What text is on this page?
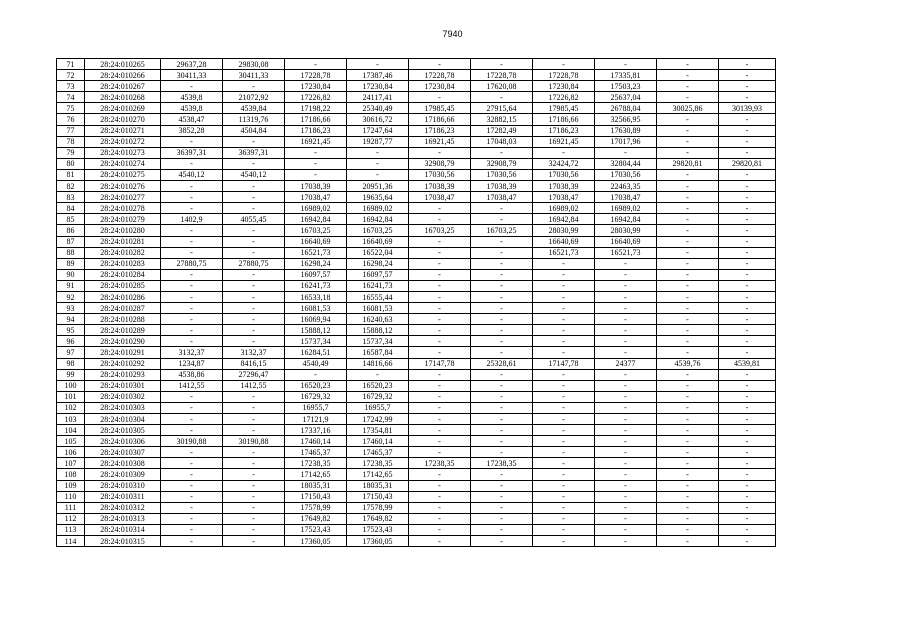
7940
71	28:24:010265	29637,28	29830,08	-	-	-	-	-	-	-	-
72	28:24:010266	30411,33	30411,33	17228,78	17387,46	17228,78	17228,78	17228,78	17335,81	-	-
73	28:24:010267	-	-	17230,84	17230,84	17230,84	17620,08	17230,84	17503,23	-	-
74	28:24:010268	4539,8	21072,92	17226,82	24117,41	-	-	17226,82	25637,04	-	-
75	28:24:010269	4539,8	4539,84	17198,22	25340,49	17985,45	27915,64	17985,45	26788,04	30025,86	30139,93
76	28:24:010270	4538,47	11319,76	17186,66	30616,72	17186,66	32882,15	17186,66	32566,95	-	-
77	28:24:010271	3852,28	4504,84	17186,23	17247,64	17186,23	17282,49	17186,23	17630,89	-	-
78	28:24:010272	-	-	16921,45	19287,77	16921,45	17048,03	16921,45	17017,96	-	-
79	28:24:010273	36397,31	36397,31	-	-	-	-	-	-	-	-
80	28:24:010274	-	-	-	-	32908,79	32908,79	32424,72	32804,44	29820,81	29820,81
81	28:24:010275	4540,12	4540,12	-	-	17030,56	17030,56	17030,56	17030,56	-	-
82	28:24:010276	-	-	17038,39	20951,36	17038,39	17038,39	17038,39	22463,35	-	-
83	28:24:010277	-	-	17038,47	19635,64	17038,47	17038,47	17038,47	17038,47	-	-
84	28:24:010278	-	-	16989,02	16989,02	-	-	16989,02	16989,02	-	-
85	28:24:010279	1402,9	4055,45	16942,84	16942,84	-	-	16942,84	16942,84	-	-
86	28:24:010280	-	-	16703,25	16703,25	16703,25	16703,25	28030,99	28030,99	-	-
87	28:24:010281	-	-	16640,69	16640,69	-	-	16640,69	16640,69	-	-
88	28:24:010282	-	-	16521,73	16522,04	-	-	16521,73	16521,73	-	-
89	28:24:010283	27880,75	27880,75	16298,24	16298,24	-	-	-	-	-	-
90	28:24:010284	-	-	16097,57	16097,57	-	-	-	-	-	-
91	28:24:010285	-	-	16241,73	16241,73	-	-	-	-	-	-
92	28:24:010286	-	-	16533,18	16555,44	-	-	-	-	-	-
93	28:24:010287	-	-	16081,53	16081,53	-	-	-	-	-	-
94	28:24:010288	-	-	16069,94	16240,63	-	-	-	-	-	-
95	28:24:010289	-	-	15888,12	15888,12	-	-	-	-	-	-
96	28:24:010290	-	-	15737,34	15737,34	-	-	-	-	-	-
97	28:24:010291	3132,37	3132,37	16284,51	16587,84	-	-	-	-	-	-
98	28:24:010292	1234,87	8416,15	4540,49	14816,66	17147,78	25328,61	17147,78	24377	4539,76	4539,81
99	28:24:010293	4538,86	27296,47	-	-	-	-	-	-	-	-
100	28:24:010301	1412,55	1412,55	16520,23	16520,23	-	-	-	-	-	-
101	28:24:010302	-	-	16729,32	16729,32	-	-	-	-	-	-
102	28:24:010303	-	-	16955,7	16955,7	-	-	-	-	-	-
103	28:24:010304	-	-	17121,9	17242,99	-	-	-	-	-	-
104	28:24:010305	-	-	17337,16	17354,81	-	-	-	-	-	-
105	28:24:010306	30190,88	30190,88	17460,14	17460,14	-	-	-	-	-	-
106	28:24:010307	-	-	17465,37	17465,37	-	-	-	-	-	-
107	28:24:010308	-	-	17238,35	17238,35	17238,35	17238,35	-	-	-	-
108	28:24:010309	-	-	17142,65	17142,65	-	-	-	-	-	-
109	28:24:010310	-	-	18035,31	18035,31	-	-	-	-	-	-
110	28:24:010311	-	-	17150,43	17150,43	-	-	-	-	-	-
111	28:24:010312	-	-	17578,99	17578,99	-	-	-	-	-	-
112	28:24:010313	-	-	17649,82	17649,82	-	-	-	-	-	-
113	28:24:010314	-	-	17523,43	17523,43	-	-	-	-	-	-
114	28:24:010315	-	-	17360,05	17360,05	-	-	-	-	-	-
